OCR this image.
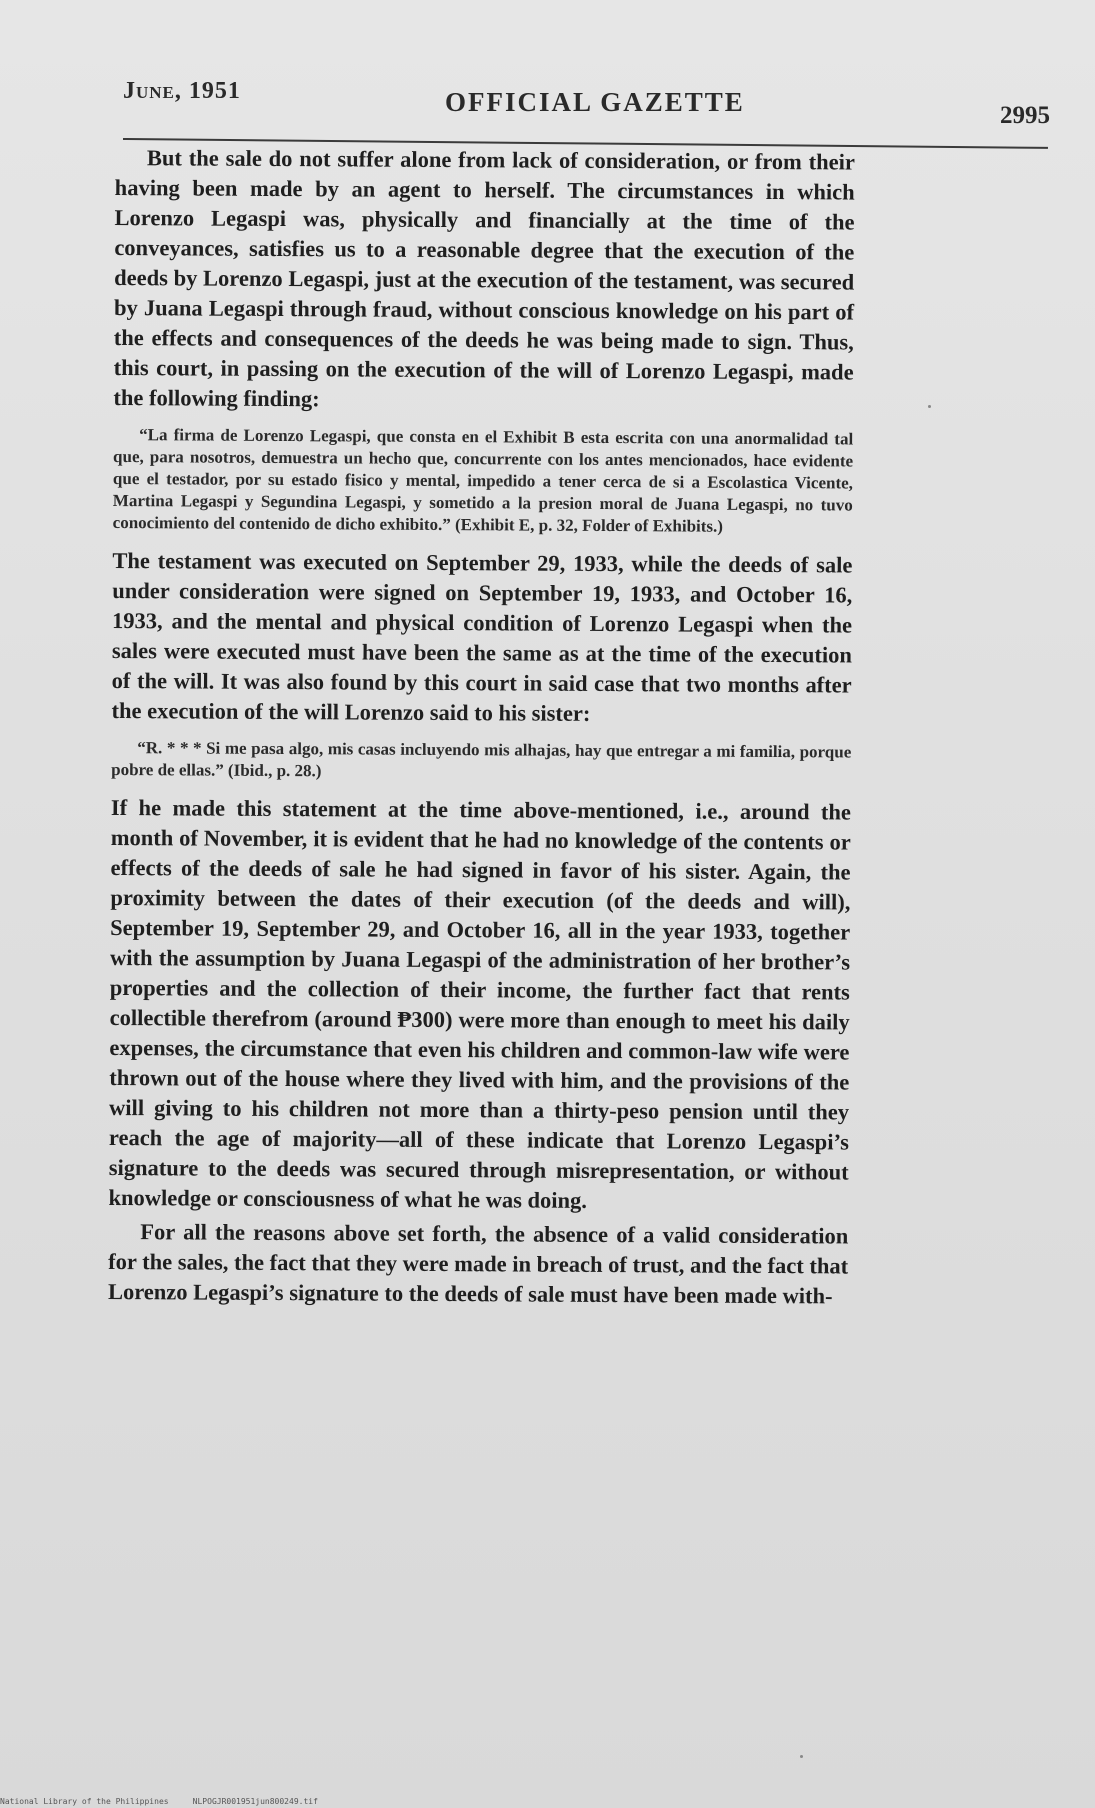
June, 1951	OFFICIAL GAZETTE	2995

But the sale do not suffer alone from lack of consideration, or from their having been made by an agent to herself. The circumstances in which Lorenzo Legaspi was, physically and financially at the time of the conveyances, satisfies us to a reasonable degree that the execution of the deeds by Lorenzo Legaspi, just at the execution of the testament, was secured by Juana Legaspi through fraud, without conscious knowledge on his part of the effects and consequences of the deeds he was being made to sign. Thus, this court, in passing on the execution of the will of Lorenzo Legaspi, made the following finding:

“La firma de Lorenzo Legaspi, que consta en el Exhibit B esta escrita con una anormalidad tal que, para nosotros, demuestra un hecho que, concurrente con los antes mencionados, hace evidente que el testador, por su estado fisico y mental, impedido a tener cerca de si a Escolastica Vicente, Martina Legaspi y Segundina Legaspi, y sometido a la presion moral de Juana Legaspi, no tuvo conocimiento del contenido de dicho exhibito.” (Exhibit E, p. 32, Folder of Exhibits.)

The testament was executed on September 29, 1933, while the deeds of sale under consideration were signed on September 19, 1933, and October 16, 1933, and the mental and physical condition of Lorenzo Legaspi when the sales were executed must have been the same as at the time of the execution of the will. It was also found by this court in said case that two months after the execution of the will Lorenzo said to his sister:

“R. * * * Si me pasa algo, mis casas incluyendo mis alhajas, hay que entregar a mi familia, porque pobre de ellas.” (Ibid., p. 28.)

If he made this statement at the time above-mentioned, i.e., around the month of November, it is evident that he had no knowledge of the contents or effects of the deeds of sale he had signed in favor of his sister. Again, the proximity between the dates of their execution (of the deeds and will), September 19, September 29, and October 16, all in the year 1933, together with the assumption by Juana Legaspi of the administration of her brother’s properties and the collection of their income, the further fact that rents collectible therefrom (around ₱300) were more than enough to meet his daily expenses, the circumstance that even his children and common-law wife were thrown out of the house where they lived with him, and the provisions of the will giving to his children not more than a thirty-peso pension until they reach the age of majority—all of these indicate that Lorenzo Legaspi’s signature to the deeds was secured through misrepresentation, or without knowledge or consciousness of what he was doing.

For all the reasons above set forth, the absence of a valid consideration for the sales, the fact that they were made in breach of trust, and the fact that Lorenzo Legaspi’s signature to the deeds of sale must have been made with-

National Library of the Philippines	NLPOGJR001951jun800249.tif
